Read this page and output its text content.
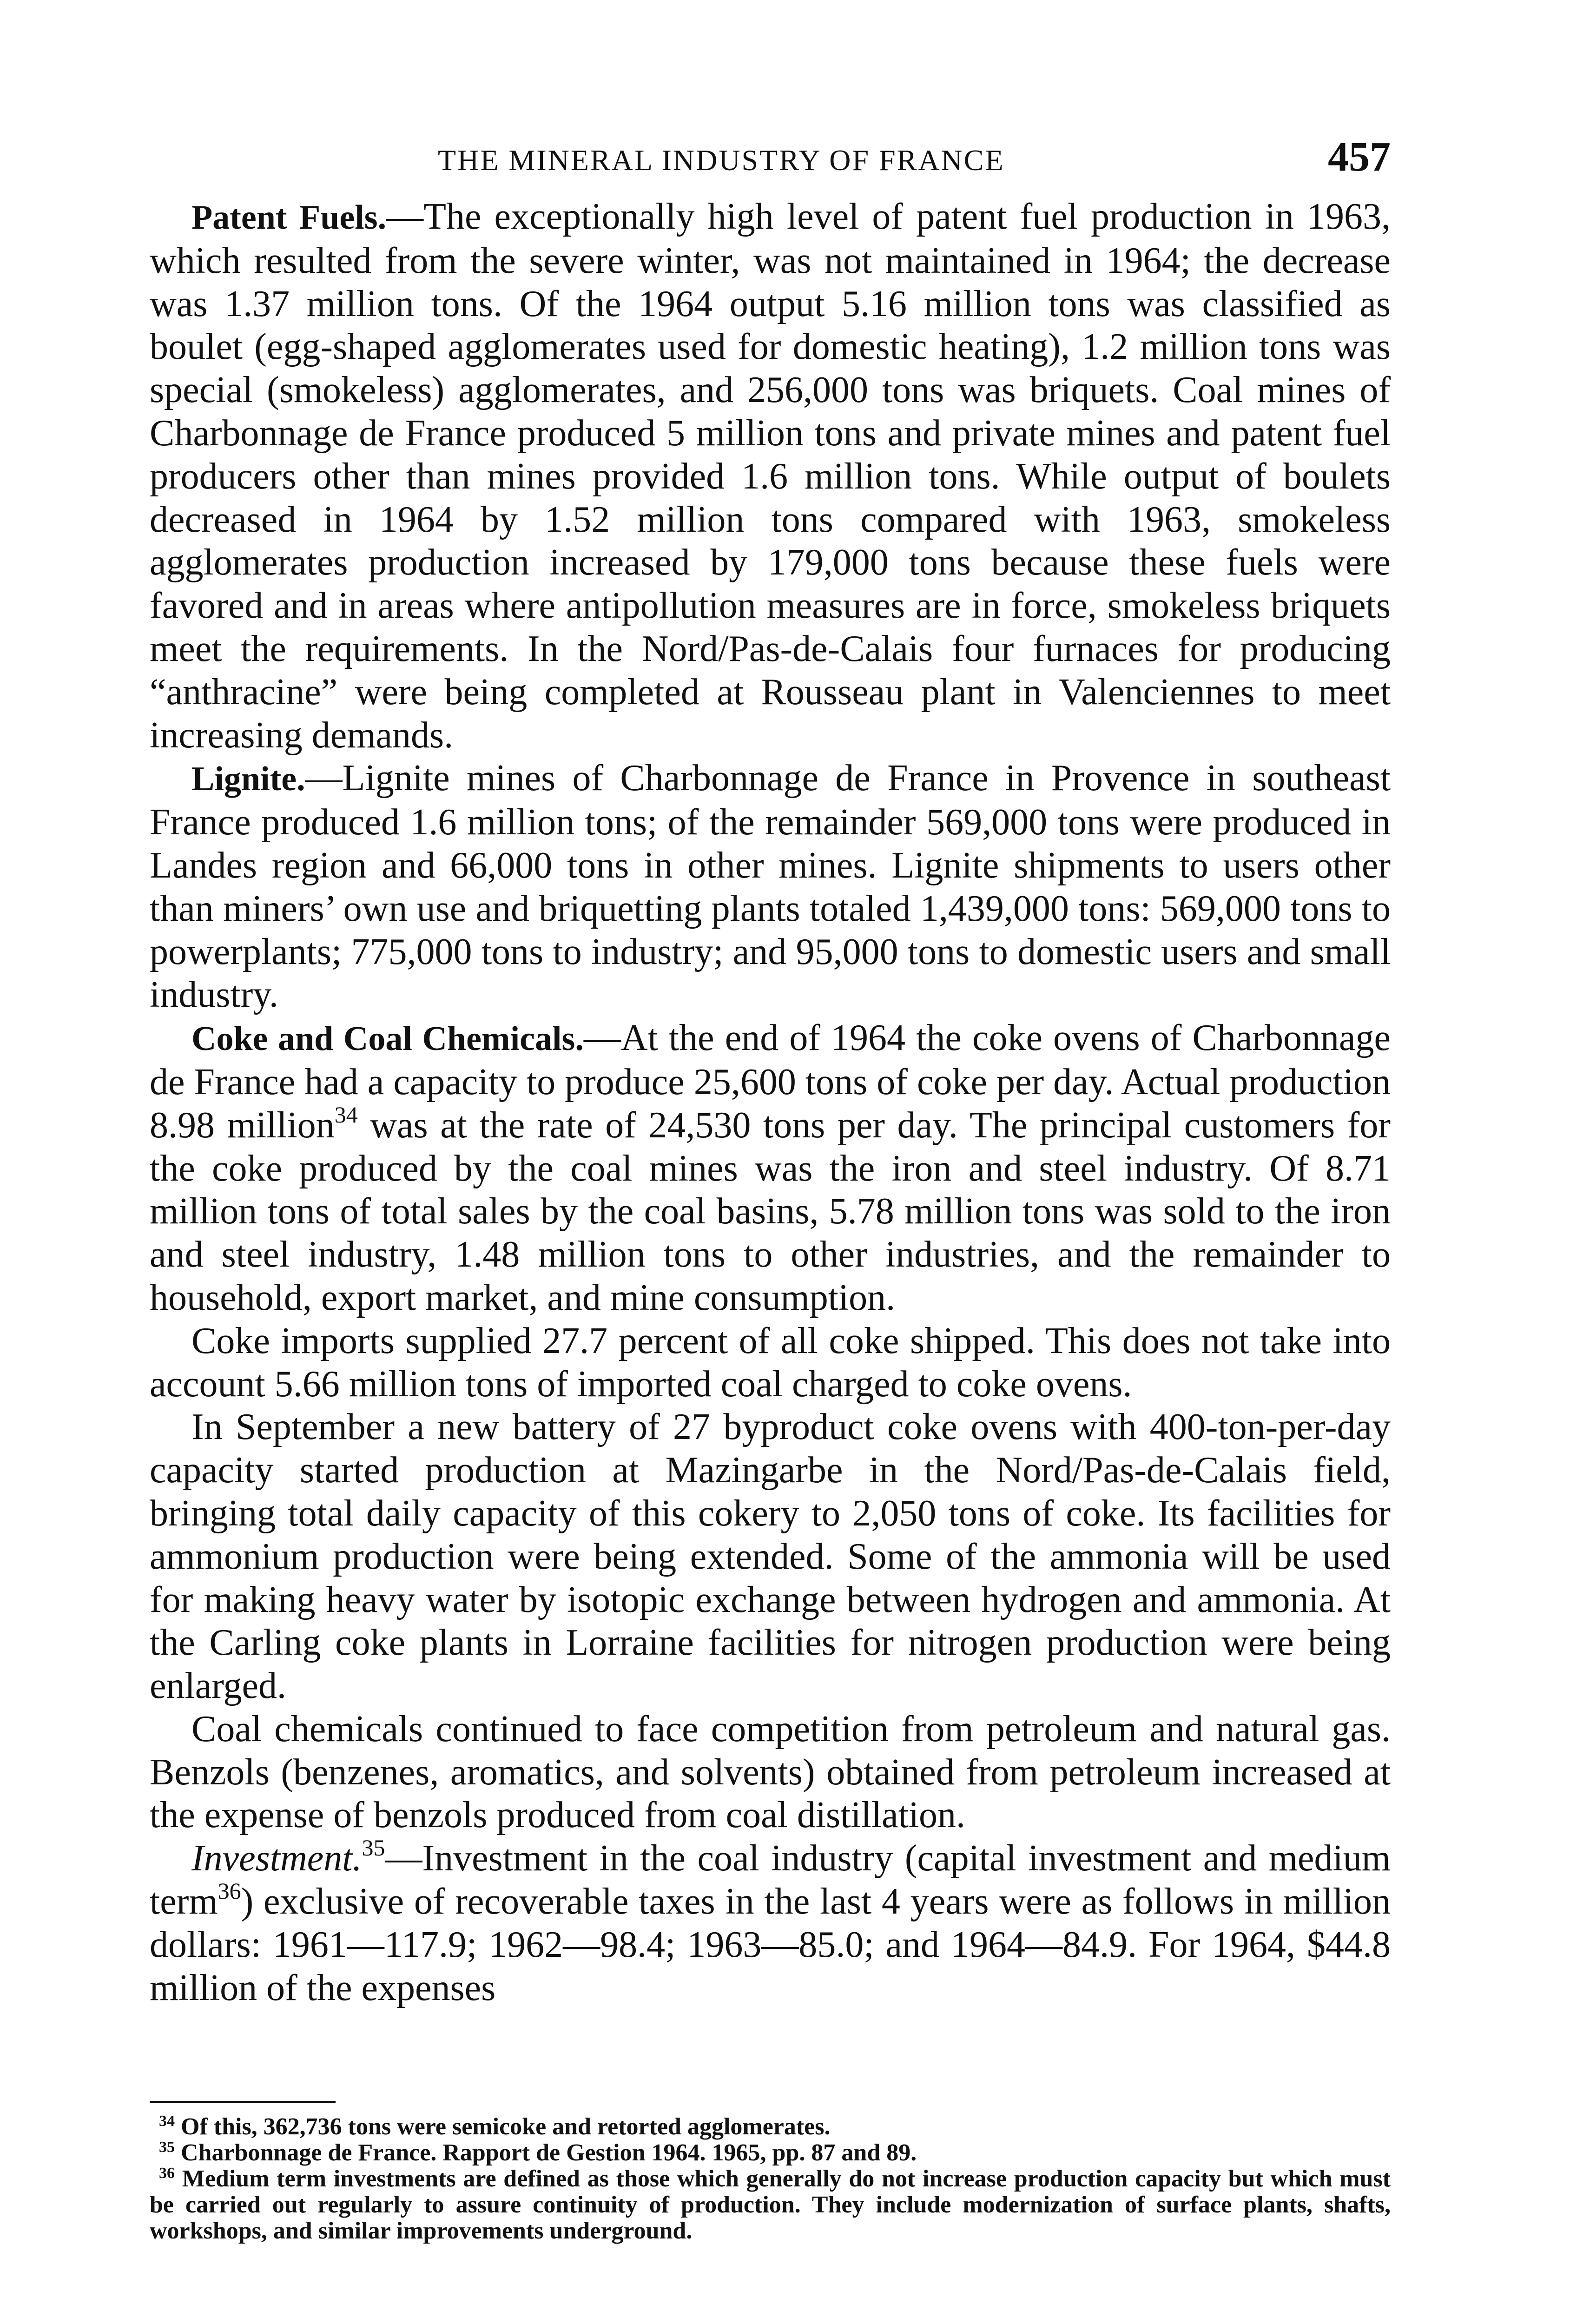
THE MINERAL INDUSTRY OF FRANCE	457

Patent Fuels.—The exceptionally high level of patent fuel production in 1963, which resulted from the severe winter, was not maintained in 1964; the decrease was 1.37 million tons. Of the 1964 output 5.16 million tons was classified as boulet (egg-shaped agglomerates used for domestic heating), 1.2 million tons was special (smokeless) agglomerates, and 256,000 tons was briquets. Coal mines of Charbonnage de France produced 5 million tons and private mines and patent fuel producers other than mines provided 1.6 million tons. While output of boulets decreased in 1964 by 1.52 million tons compared with 1963, smokeless agglomerates production increased by 179,000 tons because these fuels were favored and in areas where antipollution measures are in force, smokeless briquets meet the requirements. In the Nord/Pas-de-Calais four furnaces for producing “anthracine” were being completed at Rousseau plant in Valenciennes to meet increasing demands.

Lignite.—Lignite mines of Charbonnage de France in Provence in southeast France produced 1.6 million tons; of the remainder 569,000 tons were produced in Landes region and 66,000 tons in other mines. Lignite shipments to users other than miners’ own use and briquetting plants totaled 1,439,000 tons: 569,000 tons to powerplants; 775,000 tons to industry; and 95,000 tons to domestic users and small industry.

Coke and Coal Chemicals.—At the end of 1964 the coke ovens of Charbonnage de France had a capacity to produce 25,600 tons of coke per day. Actual production 8.98 million$^{34}$ was at the rate of 24,530 tons per day. The principal customers for the coke produced by the coal mines was the iron and steel industry. Of 8.71 million tons of total sales by the coal basins, 5.78 million tons was sold to the iron and steel industry, 1.48 million tons to other industries, and the remainder to household, export market, and mine consumption.

Coke imports supplied 27.7 percent of all coke shipped. This does not take into account 5.66 million tons of imported coal charged to coke ovens.

In September a new battery of 27 byproduct coke ovens with 400-ton-per-day capacity started production at Mazingarbe in the Nord/Pas-de-Calais field, bringing total daily capacity of this cokery to 2,050 tons of coke. Its facilities for ammonium production were being extended. Some of the ammonia will be used for making heavy water by isotopic exchange between hydrogen and ammonia. At the Carling coke plants in Lorraine facilities for nitrogen production were being enlarged.

Coal chemicals continued to face competition from petroleum and natural gas. Benzols (benzenes, aromatics, and solvents) obtained from petroleum increased at the expense of benzols produced from coal distillation.

Investment.$^{35}$—Investment in the coal industry (capital investment and medium term$^{36}$) exclusive of recoverable taxes in the last 4 years were as follows in million dollars: 1961—117.9; 1962—98.4; 1963—85.0; and 1964—84.9. For 1964, $44.8 million of the expenses

$^{34}$ Of this, 362,736 tons were semicoke and retorted agglomerates.

$^{35}$ Charbonnage de France. Rapport de Gestion 1964. 1965, pp. 87 and 89.

$^{36}$ Medium term investments are defined as those which generally do not increase production capacity but which must be carried out regularly to assure continuity of production. They include modernization of surface plants, shafts, workshops, and similar improvements underground.
